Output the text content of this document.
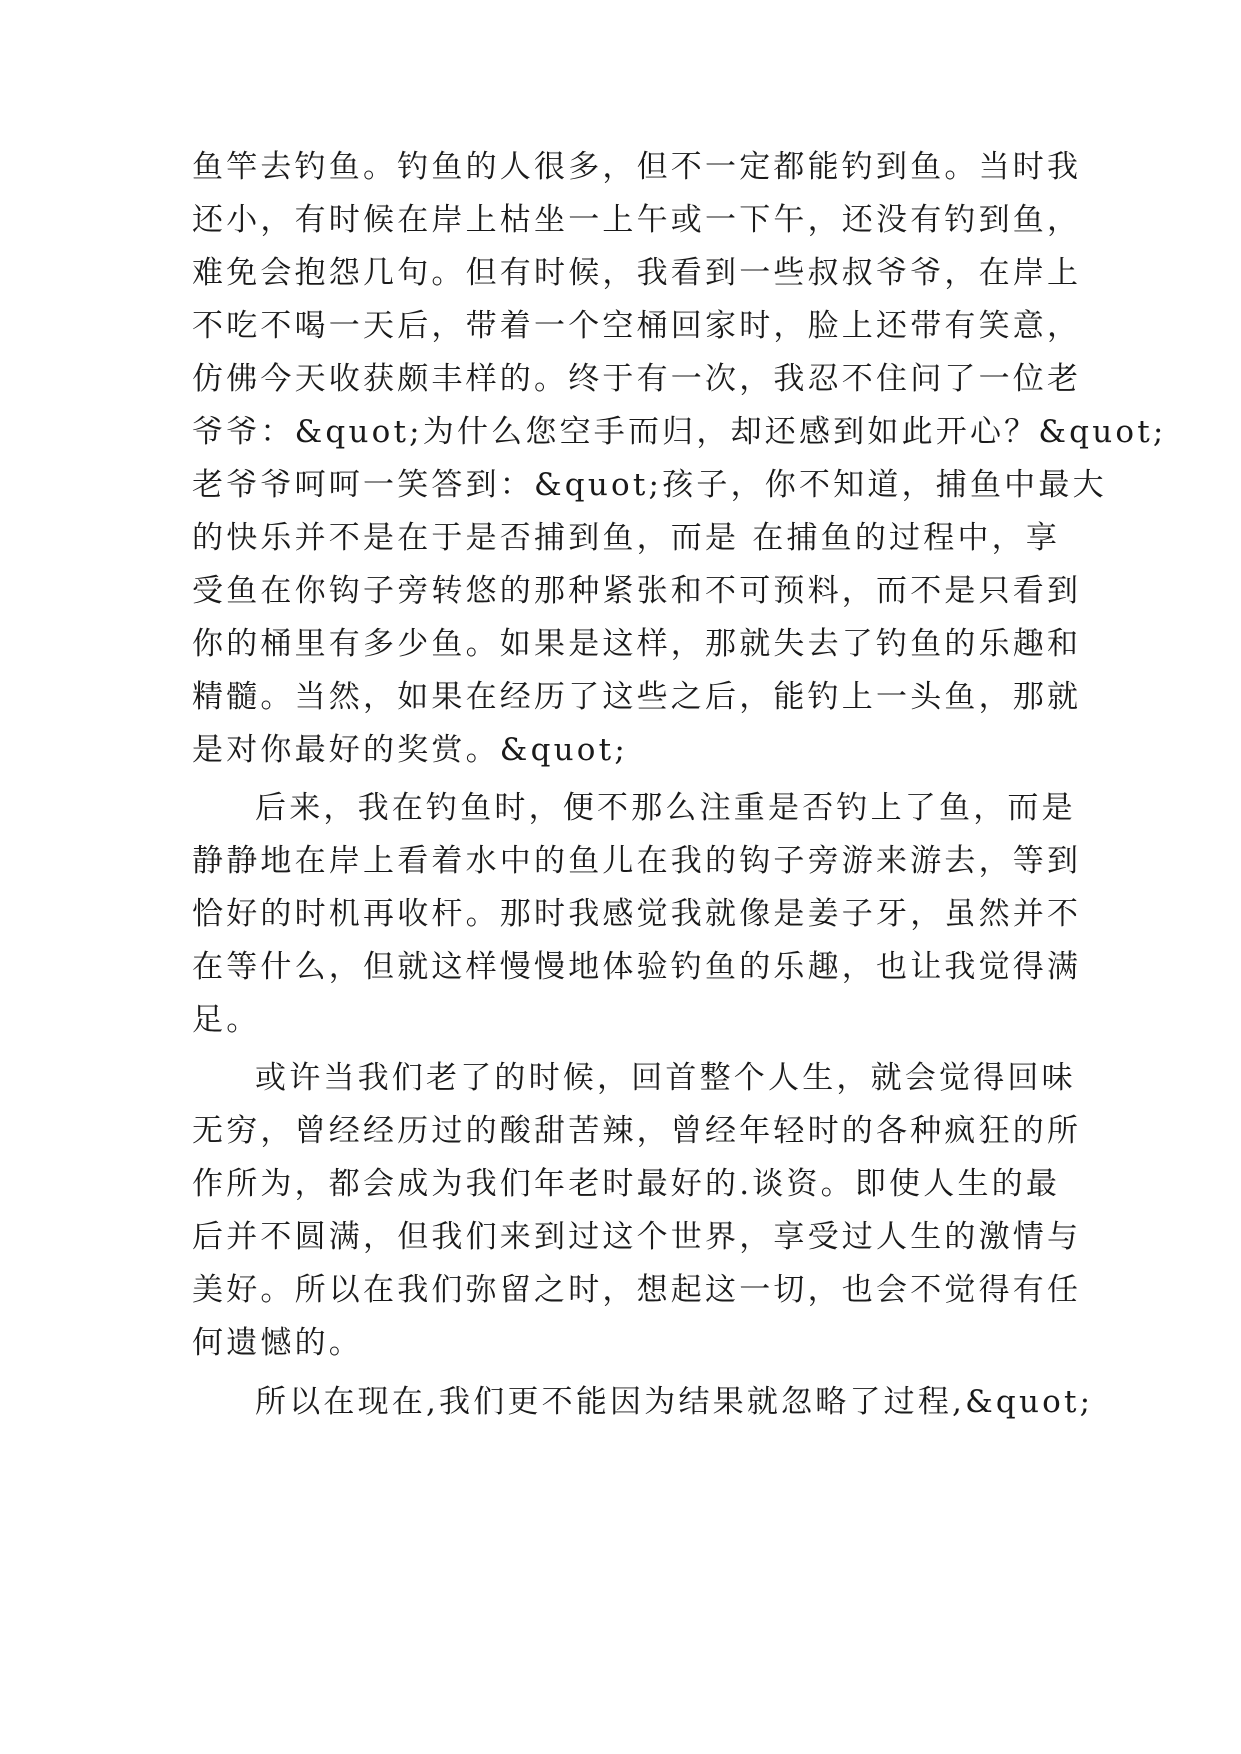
鱼竿去钓鱼。钓鱼的人很多，但不一定都能钓到鱼。当时我
还小，有时候在岸上枯坐一上午或一下午，还没有钓到鱼，
难免会抱怨几句。但有时候，我看到一些叔叔爷爷，在岸上
不吃不喝一天后，带着一个空桶回家时，脸上还带有笑意，
仿佛今天收获颇丰样的。终于有一次，我忍不住问了一位老
爷爷：&quot;为什么您空手而归，却还感到如此开心？&quot;
老爷爷呵呵一笑答到：&quot;孩子，你不知道，捕鱼中最大
的快乐并不是在于是否捕到鱼，而是 在捕鱼的过程中，享
受鱼在你钩子旁转悠的那种紧张和不可预料，而不是只看到
你的桶里有多少鱼。如果是这样，那就失去了钓鱼的乐趣和
精髓。当然，如果在经历了这些之后，能钓上一头鱼，那就
是对你最好的奖赏。&quot;
后来，我在钓鱼时，便不那么注重是否钓上了鱼，而是
静静地在岸上看着水中的鱼儿在我的钩子旁游来游去，等到
恰好的时机再收杆。那时我感觉我就像是姜子牙，虽然并不
在等什么，但就这样慢慢地体验钓鱼的乐趣，也让我觉得满
足。
或许当我们老了的时候，回首整个人生，就会觉得回味
无穷，曾经经历过的酸甜苦辣，曾经年轻时的各种疯狂的所
作所为，都会成为我们年老时最好的.谈资。即使人生的最
后并不圆满，但我们来到过这个世界，享受过人生的激情与
美好。所以在我们弥留之时，想起这一切，也会不觉得有任
何遗憾的。
所以在现在,我们更不能因为结果就忽略了过程,&quot;
